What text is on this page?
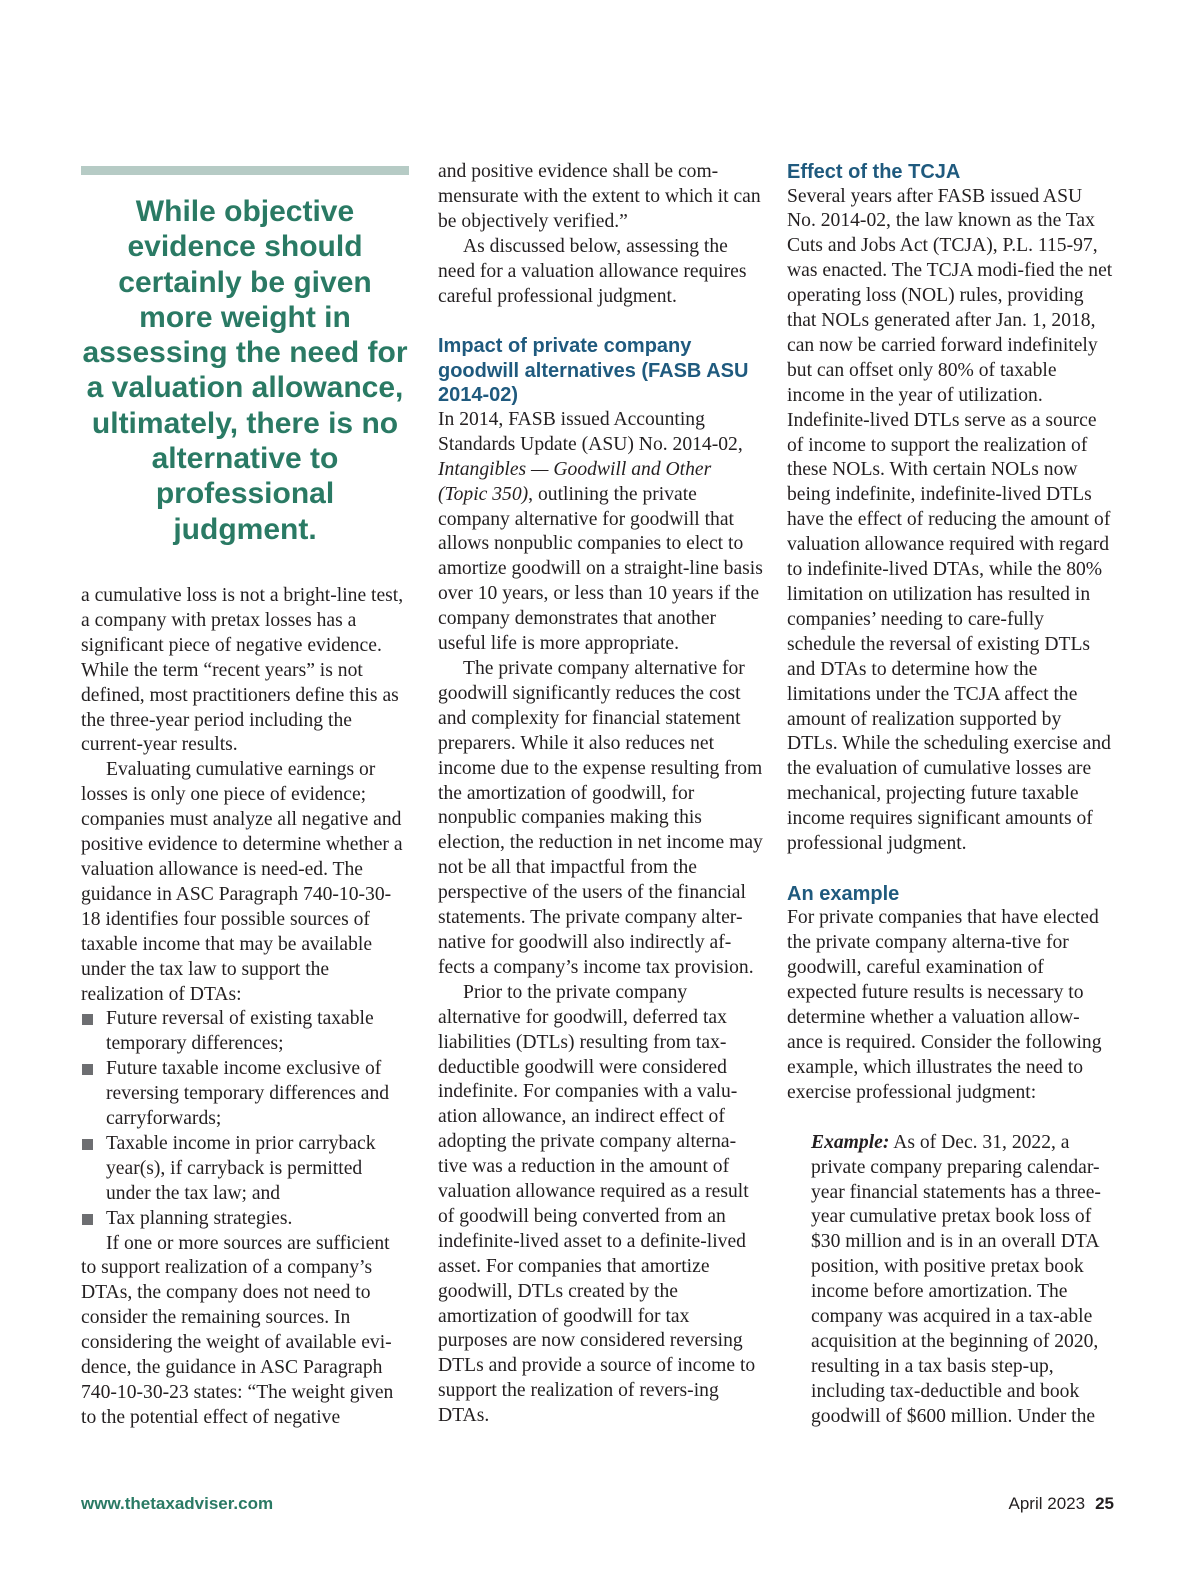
While objective evidence should certainly be given more weight in assessing the need for a valuation allowance, ultimately, there is no alternative to professional judgment.

a cumulative loss is not a bright-line test, a company with pretax losses has a significant piece of negative evidence. While the term “recent years” is not defined, most practitioners define this as the three-year period including the current-year results.

Evaluating cumulative earnings or losses is only one piece of evidence; companies must analyze all negative and positive evidence to determine whether a valuation allowance is need-ed. The guidance in ASC Paragraph 740-10-30-18 identifies four possible sources of taxable income that may be available under the tax law to support the realization of DTAs:

Future reversal of existing taxable temporary differences;
Future taxable income exclusive of reversing temporary differences and carryforwards;
Taxable income in prior carryback year(s), if carryback is permitted under the tax law; and
Tax planning strategies.

If one or more sources are sufficient to support realization of a company’s DTAs, the company does not need to consider the remaining sources. In considering the weight of available evi-dence, the guidance in ASC Paragraph 740-10-30-23 states: “The weight given to the potential effect of negative

and positive evidence shall be com-mensurate with the extent to which it can be objectively verified.”

As discussed below, assessing the need for a valuation allowance requires careful professional judgment.

Impact of private company goodwill alternatives (FASB ASU 2014-02)

In 2014, FASB issued Accounting Standards Update (ASU) No. 2014-02, Intangibles — Goodwill and Other (Topic 350), outlining the private company alternative for goodwill that allows nonpublic companies to elect to amortize goodwill on a straight-line basis over 10 years, or less than 10 years if the company demonstrates that another useful life is more appropriate.

The private company alternative for goodwill significantly reduces the cost and complexity for financial statement preparers. While it also reduces net income due to the expense resulting from the amortization of goodwill, for nonpublic companies making this election, the reduction in net income may not be all that impactful from the perspective of the users of the financial statements. The private company alter-native for goodwill also indirectly af-fects a company’s income tax provision.

Prior to the private company alternative for goodwill, deferred tax liabilities (DTLs) resulting from tax-deductible goodwill were considered indefinite. For companies with a valu-ation allowance, an indirect effect of adopting the private company alterna-tive was a reduction in the amount of valuation allowance required as a result of goodwill being converted from an indefinite-lived asset to a definite-lived asset. For companies that amortize goodwill, DTLs created by the amortization of goodwill for tax purposes are now considered reversing DTLs and provide a source of income to support the realization of revers-ing DTAs.

Effect of the TCJA

Several years after FASB issued ASU No. 2014-02, the law known as the Tax Cuts and Jobs Act (TCJA), P.L. 115-97, was enacted. The TCJA modi-fied the net operating loss (NOL) rules, providing that NOLs generated after Jan. 1, 2018, can now be carried forward indefinitely but can offset only 80% of taxable income in the year of utilization. Indefinite-lived DTLs serve as a source of income to support the realization of these NOLs. With certain NOLs now being indefinite, indefinite-lived DTLs have the effect of reducing the amount of valuation allowance required with regard to indefinite-lived DTAs, while the 80% limitation on utilization has resulted in companies’ needing to care-fully schedule the reversal of existing DTLs and DTAs to determine how the limitations under the TCJA affect the amount of realization supported by DTLs. While the scheduling exercise and the evaluation of cumulative losses are mechanical, projecting future taxable income requires significant amounts of professional judgment.

An example

For private companies that have elected the private company alterna-tive for goodwill, careful examination of expected future results is necessary to determine whether a valuation allow-ance is required. Consider the following example, which illustrates the need to exercise professional judgment:

Example: As of Dec. 31, 2022, a private company preparing calendar-year financial statements has a three-year cumulative pretax book loss of $30 million and is in an overall DTA position, with positive pretax book income before amortization. The company was acquired in a tax-able acquisition at the beginning of 2020, resulting in a tax basis step-up, including tax-deductible and book goodwill of $600 million. Under the

www.thetaxadviser.com	April 2023 25
